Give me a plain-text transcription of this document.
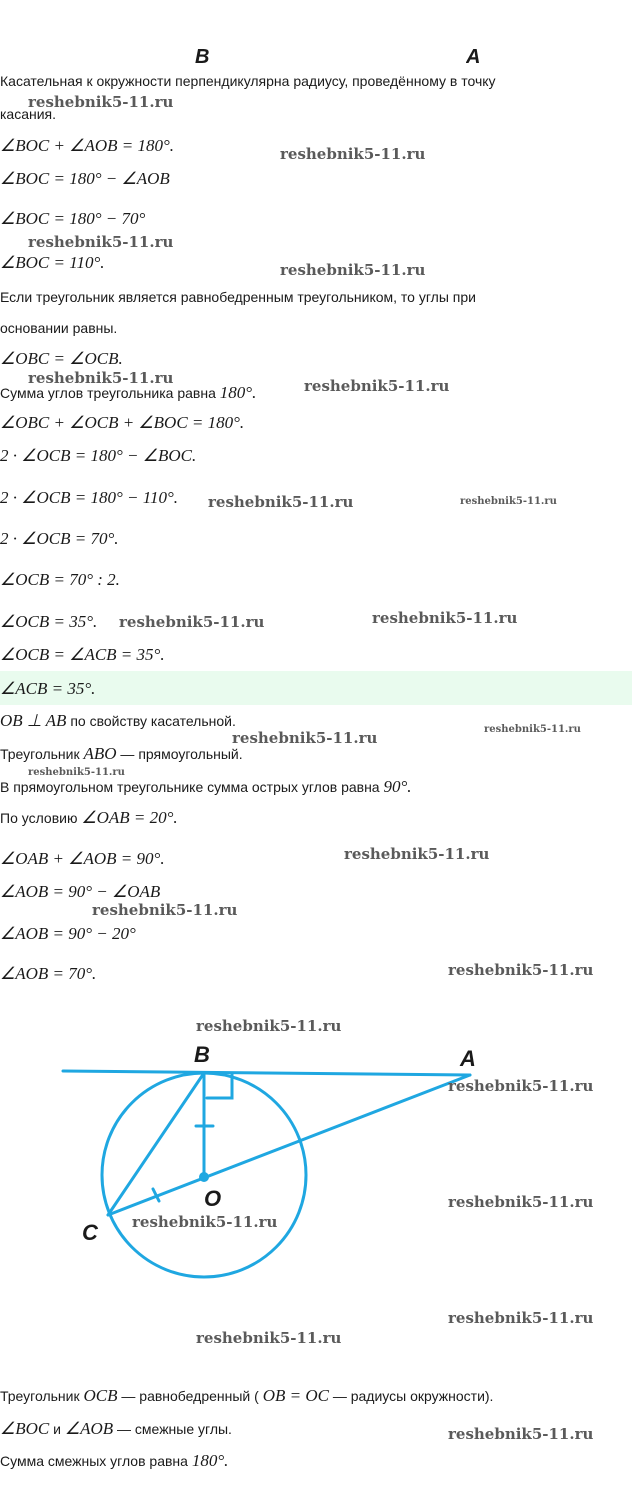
B	A
Касательная к окружности перпендикулярна радиусу, проведённому в точку
касания.
∠BOC + ∠AOB = 180°.
∠BOC = 180° − ∠AOB
∠BOC = 180° − 70°
∠BOC = 110°.
Если треугольник является равнобедренным треугольником, то углы при
основании равны.
∠OBC = ∠OCB.
Сумма углов треугольника равна 180°.
∠OBC + ∠OCB + ∠BOC = 180°.
2 · ∠OCB = 180° − ∠BOC.
2 · ∠OCB = 180° − 110°.
2 · ∠OCB = 70°.
∠OCB = 70° : 2.
∠OCB = 35°.
∠OCB = ∠ACB = 35°.
∠ACB = 35°.
OB ⊥ AB по свойству касательной.
Треугольник ABO — прямоугольный.
В прямоугольном треугольнике сумма острых углов равна 90°.
По условию ∠OAB = 20°.
∠OAB + ∠AOB = 90°.
∠AOB = 90° − ∠OAB
∠AOB = 90° − 20°
∠AOB = 70°.
B	A
O
C
Треугольник OCB — равнобедренный ( OB = OC — радиусы окружности).
∠BOC и ∠AOB — смежные углы.
Сумма смежных углов равна 180°.
reshebnik5-11.ru
reshebnik5-11.ru
reshebnik5-11.ru
reshebnik5-11.ru
reshebnik5-11.ru	reshebnik5-11.ru
reshebnik5-11.ru	reshebnik5-11.ru
reshebnik5-11.ru	reshebnik5-11.ru
reshebnik5-11.ru	reshebnik5-11.ru
reshebnik5-11.ru
reshebnik5-11.ru
reshebnik5-11.ru
reshebnik5-11.ru
reshebnik5-11.ru
reshebnik5-11.ru
reshebnik5-11.ru
reshebnik5-11.ru
reshebnik5-11.ru
reshebnik5-11.ru
reshebnik5-11.ru
